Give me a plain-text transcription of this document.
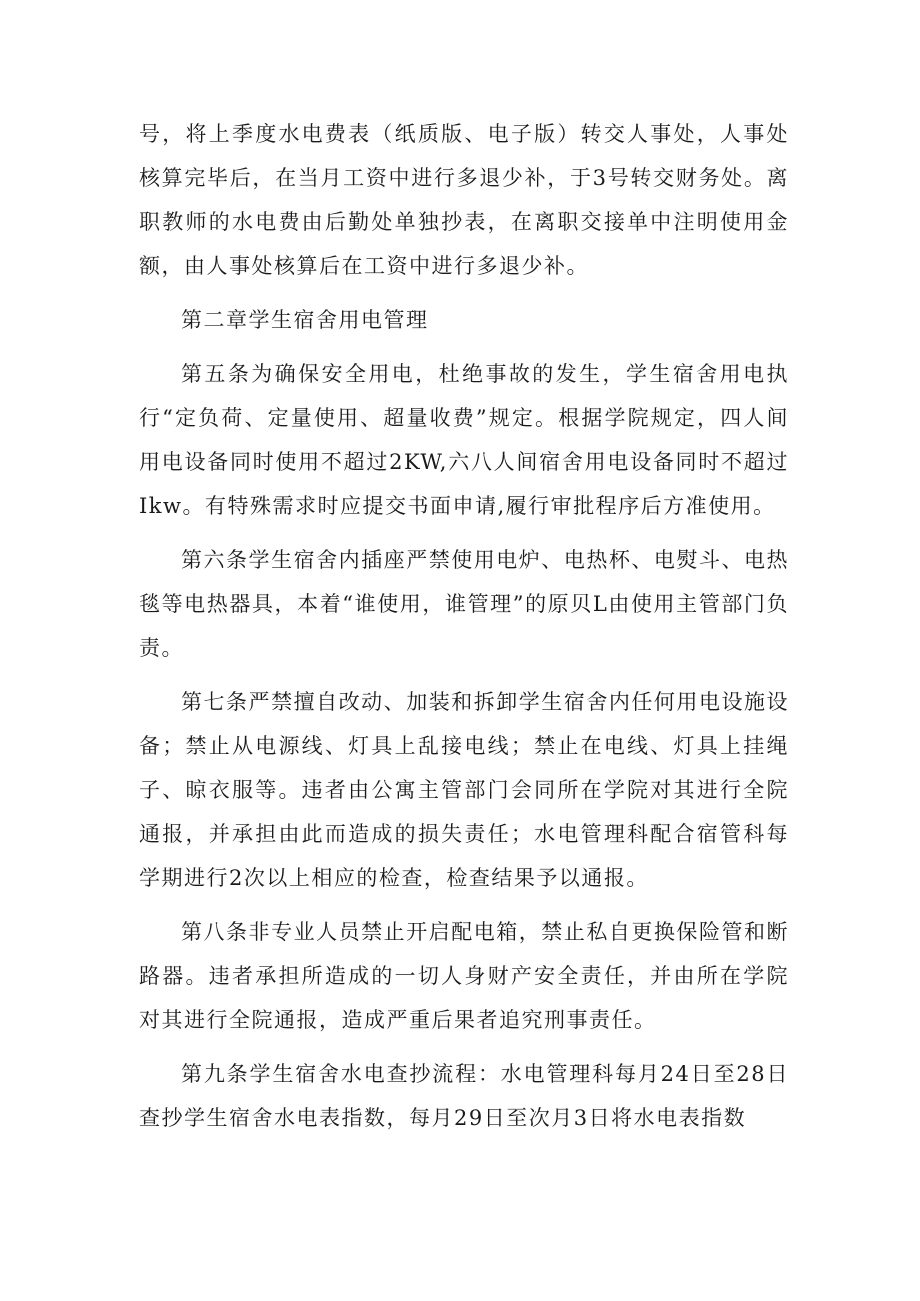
号，将上季度水电费表（纸质版、电子版）转交人事处，人事处核算完毕后，在当月工资中进行多退少补，于3号转交财务处。离职教师的水电费由后勤处单独抄表，在离职交接单中注明使用金额，由人事处核算后在工资中进行多退少补。

第二章学生宿舍用电管理

第五条为确保安全用电，杜绝事故的发生，学生宿舍用电执行“定负荷、定量使用、超量收费”规定。根据学院规定，四人间用电设备同时使用不超过2KW,六八人间宿舍用电设备同时不超过Ikw。有特殊需求时应提交书面申请,履行审批程序后方准使用。

第六条学生宿舍内插座严禁使用电炉、电热杯、电熨斗、电热毯等电热器具，本着“谁使用，谁管理”的原贝L由使用主管部门负责。

第七条严禁擅自改动、加装和拆卸学生宿舍内任何用电设施设备；禁止从电源线、灯具上乱接电线；禁止在电线、灯具上挂绳子、晾衣服等。违者由公寓主管部门会同所在学院对其进行全院通报，并承担由此而造成的损失责任；水电管理科配合宿管科每学期进行2次以上相应的检查，检查结果予以通报。

第八条非专业人员禁止开启配电箱，禁止私自更换保险管和断路器。违者承担所造成的一切人身财产安全责任，并由所在学院对其进行全院通报，造成严重后果者追究刑事责任。

第九条学生宿舍水电查抄流程：水电管理科每月24日至28日查抄学生宿舍水电表指数，每月29日至次月3日将水电表指数
